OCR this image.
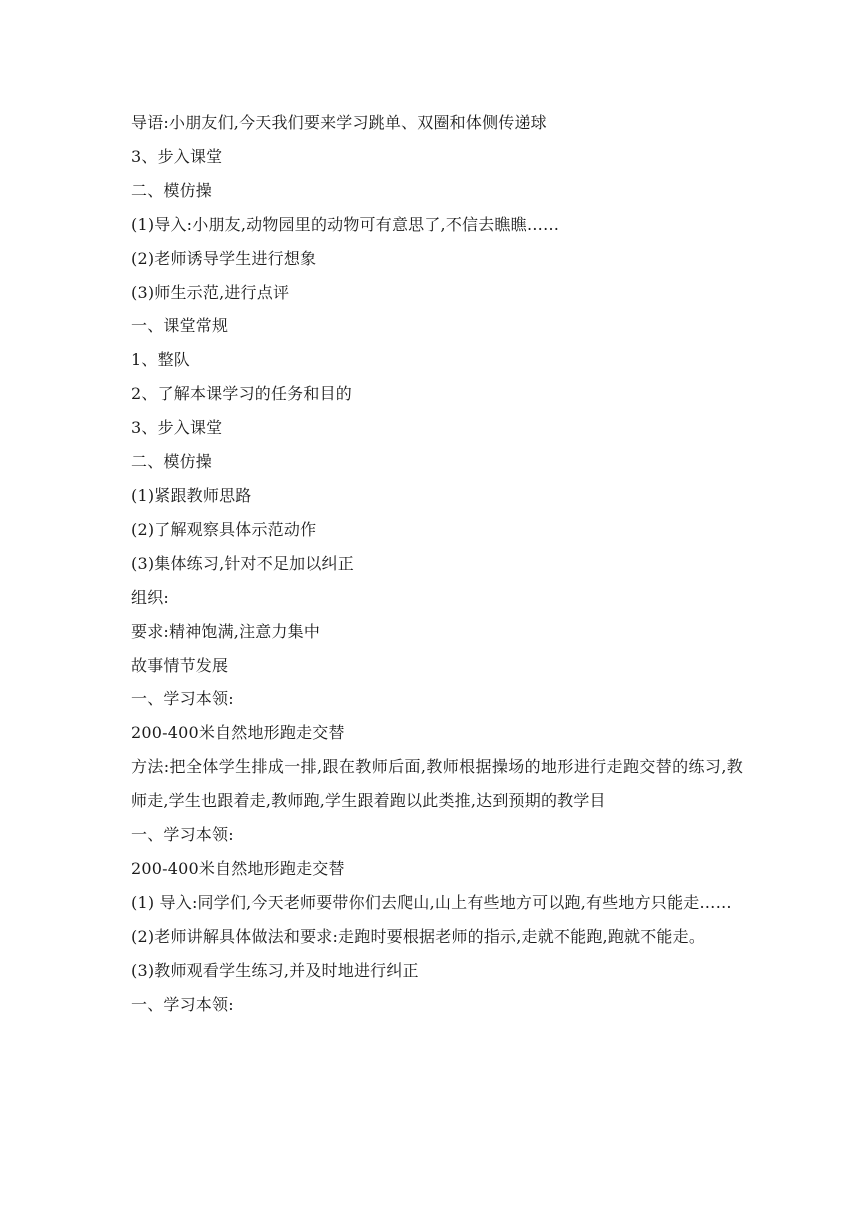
导语:小朋友们,今天我们要来学习跳单、双圈和体侧传递球
3、步入课堂
二、模仿操
(1)导入:小朋友,动物园里的动物可有意思了,不信去瞧瞧……
(2)老师诱导学生进行想象
(3)师生示范,进行点评
一、课堂常规
1、整队
2、了解本课学习的任务和目的
3、步入课堂
二、模仿操
(1)紧跟教师思路
(2)了解观察具体示范动作
(3)集体练习,针对不足加以纠正
组织:
要求:精神饱满,注意力集中
故事情节发展
一、学习本领:
200-400米自然地形跑走交替
方法:把全体学生排成一排,跟在教师后面,教师根据操场的地形进行走跑交替的练习,教师走,学生也跟着走,教师跑,学生跟着跑以此类推,达到预期的教学目
一、学习本领:
200-400米自然地形跑走交替
(1) 导入:同学们,今天老师要带你们去爬山,山上有些地方可以跑,有些地方只能走……
(2)老师讲解具体做法和要求:走跑时要根据老师的指示,走就不能跑,跑就不能走。
(3)教师观看学生练习,并及时地进行纠正
一、学习本领:
